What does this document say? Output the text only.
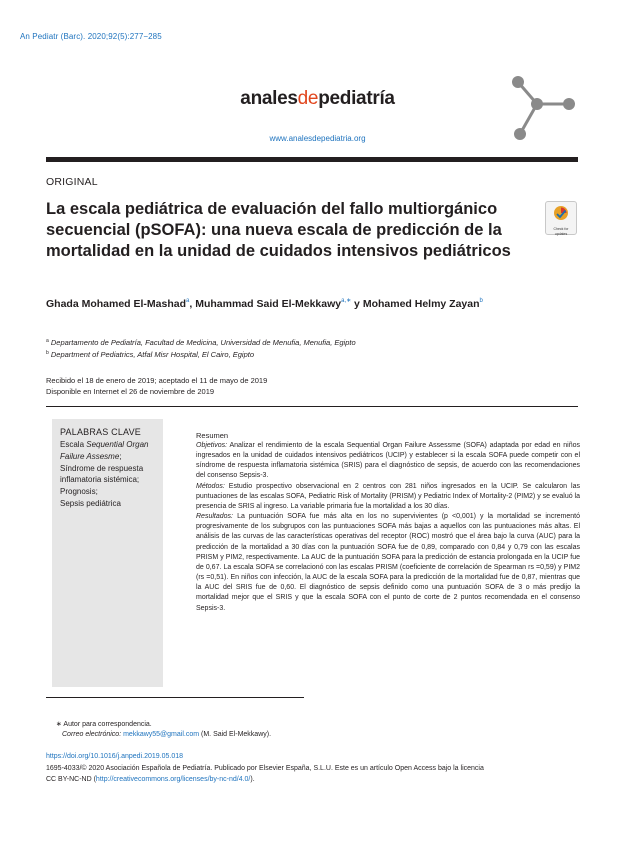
An Pediatr (Barc). 2020;92(5):277−285
analesdepediatría
www.analesdepediatria.org
ORIGINAL
La escala pediátrica de evaluación del fallo multiorgánico secuencial (pSOFA): una nueva escala de predicción de la mortalidad en la unidad de cuidados intensivos pediátricos
Check for
updates
Ghada Mohamed El-Mashad$^a$, Muhammad Said El-Mekkawy$^{a,∗}$ y Mohamed Helmy Zayan$^b$
$^a$ Departamento de Pediatría, Facultad de Medicina, Universidad de Menufia, Menufia, Egipto
$^b$ Department of Pediatrics, Atfal Misr Hospital, El Cairo, Egipto
Recibido el 18 de enero de 2019; aceptado el 11 de mayo de 2019
Disponible en Internet el 26 de noviembre de 2019
PALABRAS CLAVE
Escala Sequential Organ Failure Assesme;
Síndrome de respuesta inflamatoria sistémica;
Prognosis;
Sepsis pediátrica
Resumen

Objetivos: Analizar el rendimiento de la escala Sequential Organ Failure Assessme (SOFA) adaptada por edad en niños ingresados en la unidad de cuidados intensivos pediátricos (UCIP) y establecer si la escala SOFA puede competir con el síndrome de respuesta inflamatoria sistémica (SRIS) para el diagnóstico de sepsis, de acuerdo con las recomendaciones del consenso Sepsis-3.

Métodos: Estudio prospectivo observacional en 2 centros con 281 niños ingresados en la UCIP. Se calcularon las puntuaciones de las escalas SOFA, Pediatric Risk of Mortality (PRISM) y Pediatric Index of Mortality-2 (PIM2) y se evaluó la presencia de SRIS al ingreso. La variable primaria fue la mortalidad a los 30 días.

Resultados: La puntuación SOFA fue más alta en los no supervivientes (p <0,001) y la mortalidad se incrementó progresivamente de los subgrupos con las puntuaciones SOFA más bajas a aquellos con las puntuaciones más altas. El análisis de las curvas de las características operativas del receptor (ROC) mostró que el área bajo la curva (AUC) para la predicción de la mortalidad a 30 días con la puntuación SOFA fue de 0,89, comparado con 0,84 y 0,79 con las escalas PRISM y PIM2, respectivamente. La AUC de la puntuación SOFA para la predicción de estancia prolongada en la UCIP fue de 0,67. La escala SOFA se correlacionó con las escalas PRISM (coeficiente de correlación de Spearman rs =0,59) y PIM2 (rs =0,51). En niños con infección, la AUC de la escala SOFA para la predicción de la mortalidad fue de 0,87, mientras que la AUC del SRIS fue de 0,60. El diagnóstico de sepsis definido como una puntuación SOFA de 3 o más predijo la mortalidad mejor que el SRIS y que la escala SOFA con el punto de corte de 2 puntos recomendada en el consenso Sepsis-3.

∗ Autor para correspondencia.
Correo electrónico: mekkawy55@gmail.com (M. Said El-Mekkawy).
https://doi.org/10.1016/j.anpedi.2019.05.018
1695-4033/© 2020 Asociación Española de Pediatría. Publicado por Elsevier España, S.L.U. Este es un artículo Open Access bajo la licencia
CC BY-NC-ND (http://creativecommons.org/licenses/by-nc-nd/4.0/).
